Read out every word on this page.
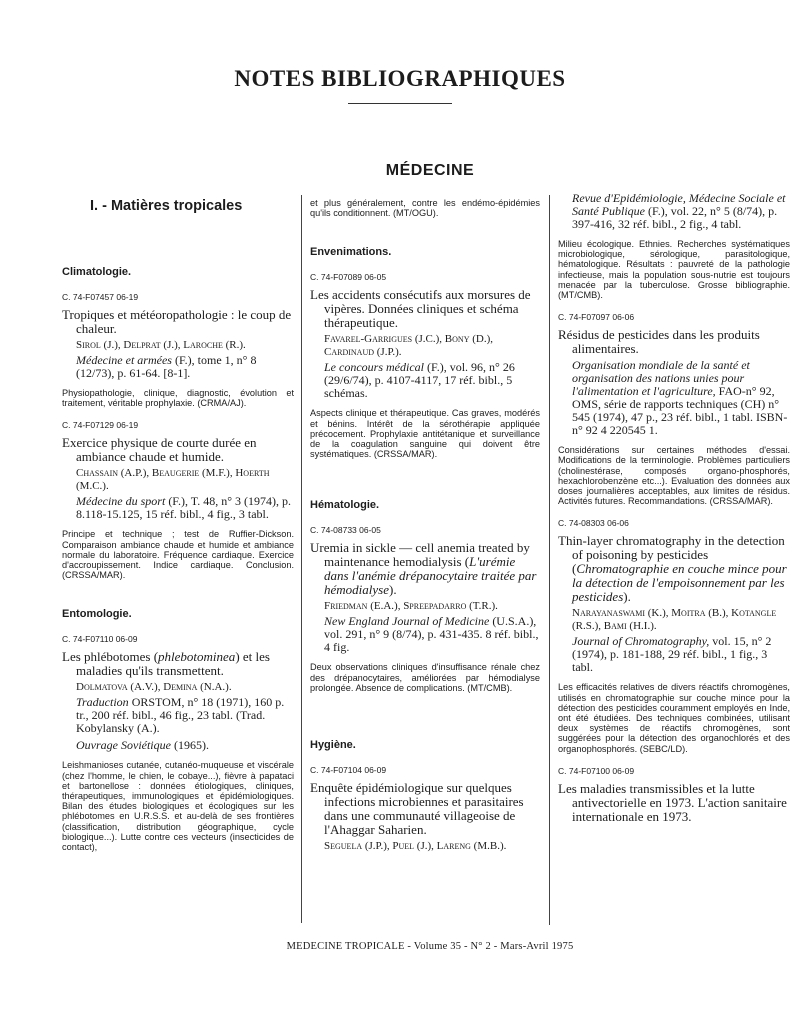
NOTES BIBLIOGRAPHIQUES
MÉDECINE
I. - Matières tropicales
Climatologie.
C. 74-F07457 06-19
Tropiques et météoropathologie : le coup de chaleur.
Sirol (J.), Delprat (J.), Laroche (R.).
Médecine et armées (F.), tome 1, n° 8 (12/73), p. 61-64. [8-1].
Physiopathologie, clinique, diagnostic, évolution et traitement, véritable prophylaxie. (CRMA/AJ).
C. 74-F07129 06-19
Exercice physique de courte durée en ambiance chaude et humide.
Chassain (A.P.), Beaugerie (M.F.), Hoerth (M.C.).
Médecine du sport (F.), T. 48, n° 3 (1974), p. 8.118-15.125, 15 réf. bibl., 4 fig., 3 tabl.
Principe et technique ; test de Ruffier-Dickson. Comparaison ambiance chaude et humide et ambiance normale du laboratoire. Fréquence cardiaque. Exercice d'accroupissement. Indice cardiaque. Conclusion. (CRSSA/MAR).
Entomologie.
C. 74-F07110 06-09
Les phlébotomes (phlebotominea) et les maladies qu'ils transmettent.
Dolmatova (A.V.), Demina (N.A.).
Traduction ORSTOM, n° 18 (1971), 160 p. tr., 200 réf. bibl., 46 fig., 23 tabl. (Trad. Kobylansky (A.).
Ouvrage Soviétique (1965).
Leishmanioses cutanée, cutanéo-muqueuse et viscérale (chez l'homme, le chien, le cobaye...), fièvre à papataci et bartonellose : données étiologiques, cliniques, thérapeutiques, immunologiques et épidémiologiques. Bilan des études biologiques et écologiques sur les phlébotomes en U.R.S.S. et au-delà de ses frontières (classification, distribution géographique, cycle biologique...). Lutte contre ces vecteurs (insecticides de contact),
et plus généralement, contre les endémo-épidémies qu'ils conditionnent. (MT/OGU).
Envenimations.
C. 74-F07089 06-05
Les accidents consécutifs aux morsures de vipères. Données cliniques et schéma thérapeutique.
Favarel-Garrigues (J.C.), Bony (D.), Cardinaud (J.P.).
Le concours médical (F.), vol. 96, n° 26 (29/6/74), p. 4107-4117, 17 réf. bibl., 5 schémas.
Aspects clinique et thérapeutique. Cas graves, modérés et bénins. Intérêt de la sérothérapie appliquée précocement. Prophylaxie antitétanique et surveillance de la coagulation sanguine qui doivent être systématiques. (CRSSA/MAR).
Hématologie.
C. 74-08733 06-05
Uremia in sickle — cell anemia treated by maintenance hemodialysis (L'urémie dans l'anémie drépanocytaire traitée par hémodialyse).
Friedman (E.A.), Spreepadarro (T.R.).
New England Journal of Medicine (U.S.A.), vol. 291, n° 9 (8/74), p. 431-435. 8 réf. bibl., 4 fig.
Deux observations cliniques d'insuffisance rénale chez des drépanocytaires, améliorées par hémodialyse prolongée. Absence de complications. (MT/CMB).
Hygiène.
C. 74-F07104 06-09
Enquête épidémiologique sur quelques infections microbiennes et parasitaires dans une communauté villageoise de l'Ahaggar Saharien.
Seguela (J.P.), Puel (J.), Lareng (M.B.).
Revue d'Epidémiologie, Médecine Sociale et Santé Publique (F.), vol. 22, n° 5 (8/74), p. 397-416, 32 réf. bibl., 2 fig., 4 tabl.
Milieu écologique. Ethnies. Recherches systématiques microbiologique, sérologique, parasitologique, hématologique. Résultats : pauvreté de la pathologie infectieuse, mais la population sous-nutrie est toujours menacée par la tuberculose. Grosse bibliographie. (MT/CMB).
C. 74-F07097 06-06
Résidus de pesticides dans les produits alimentaires.
Organisation mondiale de la santé et organisation des nations unies pour l'alimentation et l'agriculture, FAO-n° 92, OMS, série de rapports techniques (CH) n° 545 (1974), 47 p., 23 réf. bibl., 1 tabl. ISBN-n° 92 4 220545 1.
Considérations sur certaines méthodes d'essai. Modifications de la terminologie. Problèmes particuliers (cholinestérase, composés organo-phosphorés, hexachlorobenzène etc...). Evaluation des données aux doses journalières acceptables, aux limites de résidus. Activités futures. Recommandations. (CRSSA/MAR).
C. 74-08303 06-06
Thin-layer chromatography in the detection of poisoning by pesticides (Chromatographie en couche mince pour la détection de l'empoisonnement par les pesticides).
Narayanaswami (K.), Moitra (B.), Kotangle (R.S.), Bami (H.I.).
Journal of Chromatography, vol. 15, n° 2 (1974), p. 181-188, 29 réf. bibl., 1 fig., 3 tabl.
Les efficacités relatives de divers réactifs chromogènes, utilisés en chromatographie sur couche mince pour la détection des pesticides couramment employés en Inde, ont été étudiées. Des techniques combinées, utilisant deux systèmes de réactifs chromogènes, sont suggérées pour la détection des organochlorés et des organophosphorés. (SEBC/LD).
C. 74-F07100 06-09
Les maladies transmissibles et la lutte antivectorielle en 1973. L'action sanitaire internationale en 1973.
MEDECINE TROPICALE - Volume 35 - N° 2 - Mars-Avril 1975
